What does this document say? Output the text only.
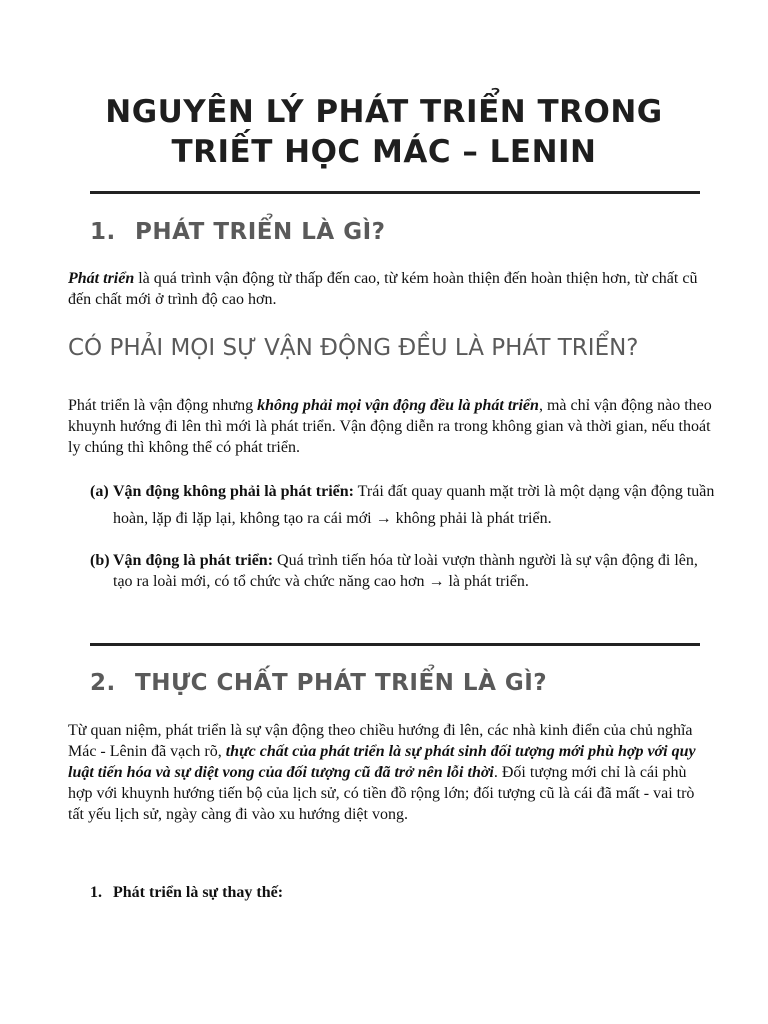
NGUYÊN LÝ PHÁT TRIỂN TRONG
TRIẾT HỌC MÁC – LENIN
1. PHÁT TRIỂN LÀ GÌ?

Phát triển là quá trình vận động từ thấp đến cao, từ kém hoàn thiện đến hoàn thiện hơn, từ chất cũ đến chất mới ở trình độ cao hơn.

CÓ PHẢI MỌI SỰ VẬN ĐỘNG ĐỀU LÀ PHÁT TRIỂN?

Phát triển là vận động nhưng không phải mọi vận động đều là phát triển, mà chỉ vận động nào theo khuynh hướng đi lên thì mới là phát triển. Vận động diễn ra trong không gian và thời gian, nếu thoát ly chúng thì không thể có phát triển.

(a) Vận động không phải là phát triển: Trái đất quay quanh mặt trời là một dạng vận động tuần hoàn, lặp đi lặp lại, không tạo ra cái mới → không phải là phát triển.
(b) Vận động là phát triển: Quá trình tiến hóa từ loài vượn thành người là sự vận động đi lên, tạo ra loài mới, có tổ chức và chức năng cao hơn → là phát triển.
2. THỰC CHẤT PHÁT TRIỂN LÀ GÌ?

Từ quan niệm, phát triển là sự vận động theo chiều hướng đi lên, các nhà kinh điển của chủ nghĩa Mác - Lênin đã vạch rõ, thực chất của phát triển là sự phát sinh đối tượng mới phù hợp với quy luật tiến hóa và sự diệt vong của đối tượng cũ đã trở nên lỗi thời. Đối tượng mới chỉ là cái phù hợp với khuynh hướng tiến bộ của lịch sử, có tiền đồ rộng lớn; đối tượng cũ là cái đã mất - vai trò tất yếu lịch sử, ngày càng đi vào xu hướng diệt vong.

1. Phát triển là sự thay thế:
